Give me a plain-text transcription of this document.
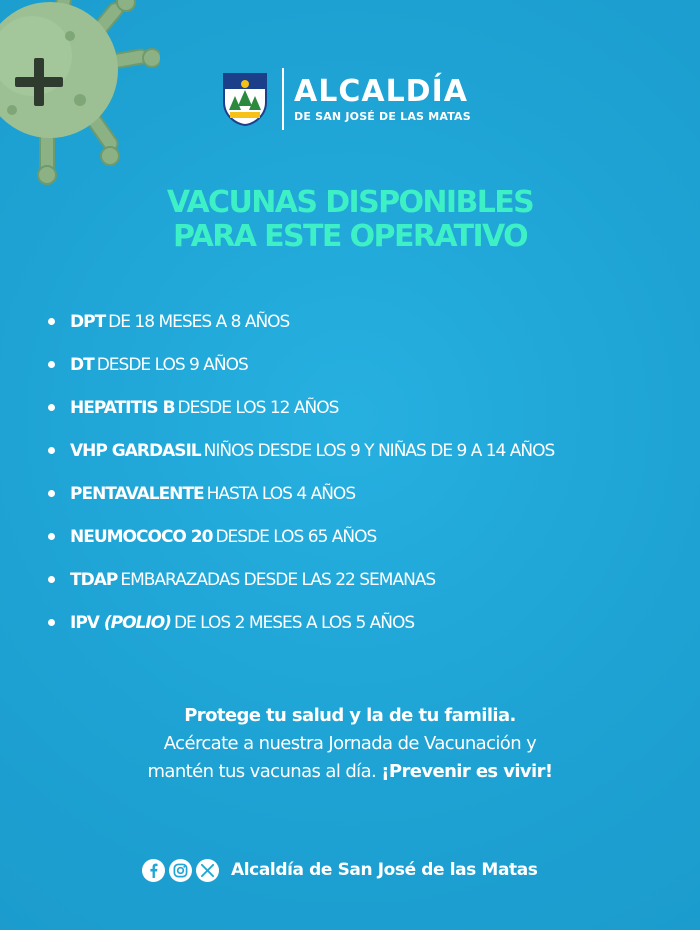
ALCALDÍA
DE SAN JOSÉ DE LAS MATAS
VACUNAS DISPONIBLES
PARA ESTE OPERATIVO
DPT DE 18 MESES A 8 AÑOS
DT DESDE LOS 9 AÑOS
HEPATITIS B DESDE LOS 12 AÑOS
VHP GARDASIL NIÑOS DESDE LOS 9 Y NIÑAS DE 9 A 14 AÑOS
PENTAVALENTE HASTA LOS 4 AÑOS
NEUMOCOCO 20 DESDE LOS 65 AÑOS
TDAP EMBARAZADAS DESDE LAS 22 SEMANAS
IPV (POLIO) DE LOS 2 MESES A LOS 5 AÑOS
Protege tu salud y la de tu familia.
Acércate a nuestra Jornada de Vacunación y
mantén tus vacunas al día. ¡Prevenir es vivir!
Alcaldía de San José de las Matas
